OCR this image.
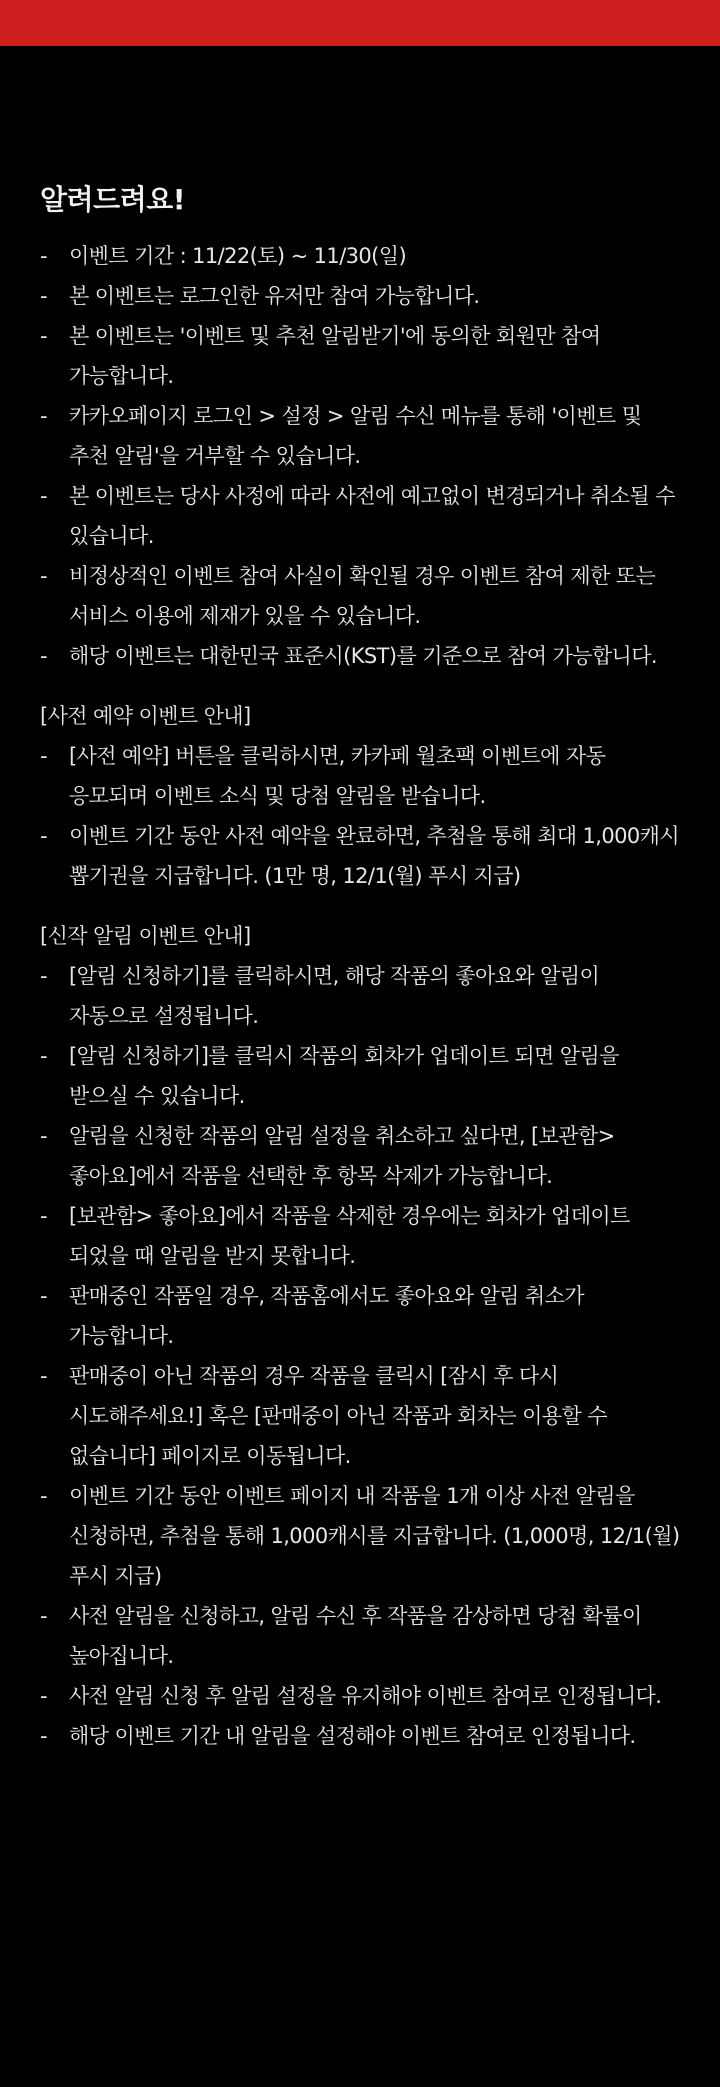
알려드려요!
-	이벤트 기간 : 11/22(토) ~ 11/30(일)
-	본 이벤트는 로그인한 유저만 참여 가능합니다.
-	본 이벤트는 '이벤트 및 추천 알림받기'에 동의한 회원만 참여 가능합니다.
-	카카오페이지 로그인 > 설정 > 알림 수신 메뉴를 통해 '이벤트 및 추천 알림'을 거부할 수 있습니다.
-	본 이벤트는 당사 사정에 따라 사전에 예고없이 변경되거나 취소될 수 있습니다.
-	비정상적인 이벤트 참여 사실이 확인될 경우 이벤트 참여 제한 또는 서비스 이용에 제재가 있을 수 있습니다.
-	해당 이벤트는 대한민국 표준시(KST)를 기준으로 참여 가능합니다.
[사전 예약 이벤트 안내]
-	[사전 예약] 버튼을 클릭하시면, 카카페 월초팩 이벤트에 자동 응모되며 이벤트 소식 및 당첨 알림을 받습니다.
-	이벤트 기간 동안 사전 예약을 완료하면, 추첨을 통해 최대 1,000캐시 뽑기권을 지급합니다. (1만 명, 12/1(월) 푸시 지급)
[신작 알림 이벤트 안내]
-	[알림 신청하기]를 클릭하시면, 해당 작품의 좋아요와 알림이 자동으로 설정됩니다.
-	[알림 신청하기]를 클릭시 작품의 회차가 업데이트 되면 알림을 받으실 수 있습니다.
-	알림을 신청한 작품의 알림 설정을 취소하고 싶다면, [보관함> 좋아요]에서 작품을 선택한 후 항목 삭제가 가능합니다.
-	[보관함> 좋아요]에서 작품을 삭제한 경우에는 회차가 업데이트 되었을 때 알림을 받지 못합니다.
-	판매중인 작품일 경우, 작품홈에서도 좋아요와 알림 취소가 가능합니다.
-	판매중이 아닌 작품의 경우 작품을 클릭시 [잠시 후 다시 시도해주세요!] 혹은 [판매중이 아닌 작품과 회차는 이용할 수 없습니다] 페이지로 이동됩니다.
-	이벤트 기간 동안 이벤트 페이지 내 작품을 1개 이상 사전 알림을 신청하면, 추첨을 통해 1,000캐시를 지급합니다. (1,000명, 12/1(월) 푸시 지급)
-	사전 알림을 신청하고, 알림 수신 후 작품을 감상하면 당첨 확률이 높아집니다.
-	사전 알림 신청 후 알림 설정을 유지해야 이벤트 참여로 인정됩니다.
-	해당 이벤트 기간 내 알림을 설정해야 이벤트 참여로 인정됩니다.
